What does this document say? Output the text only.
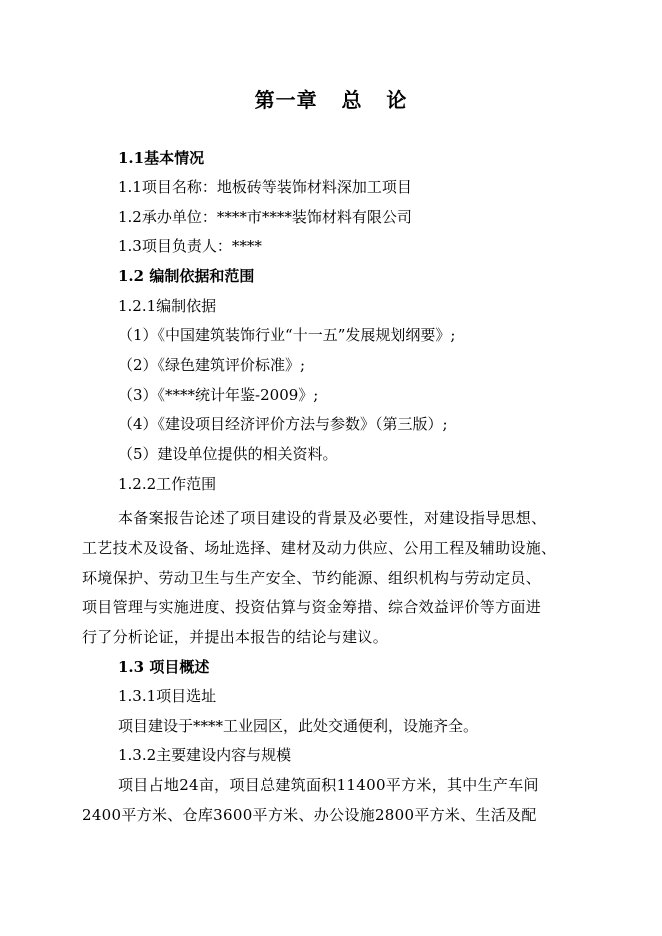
第一章   总   论
1.1基本情况
1.1项目名称：地板砖等装饰材料深加工项目
1.2承办单位：****市****装饰材料有限公司
1.3项目负责人：****
1.2 编制依据和范围
1.2.1编制依据
（1）《中国建筑装饰行业“十一五”发展规划纲要》;
（2）《绿色建筑评价标准》;
（3）《****统计年鉴-2009》;
（4）《建设项目经济评价方法与参数》（第三版）;
（5）建设单位提供的相关资料。
1.2.2工作范围
本备案报告论述了项目建设的背景及必要性，对建设指导思想、
工艺技术及设备、场址选择、建材及动力供应、公用工程及辅助设施、
环境保护、劳动卫生与生产安全、节约能源、组织机构与劳动定员、
项目管理与实施进度、投资估算与资金筹措、综合效益评价等方面进
行了分析论证，并提出本报告的结论与建议。
1.3 项目概述
1.3.1项目选址
项目建设于****工业园区，此处交通便利，设施齐全。
1.3.2主要建设内容与规模
项目占地24亩，项目总建筑面积11400平方米，其中生产车间
2400平方米、仓库3600平方米、办公设施2800平方米、生活及配
